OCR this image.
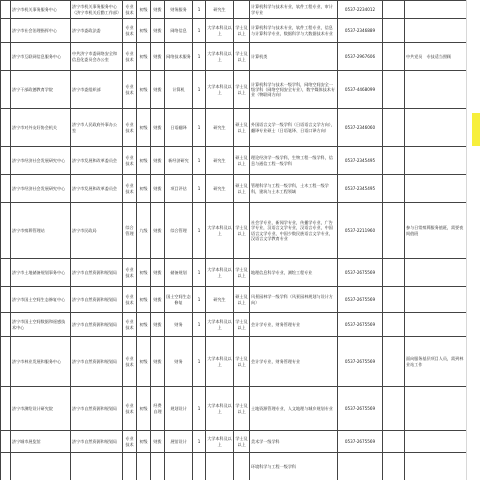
	济宁市机关事务服务中心	济宁市机关事务服务中心（济宁市机关后勤工作部）	专业技术	初级	财拨	财务服务	1	研究生		计算机科学与技术专业，软件工程专业，审计学专业	0537-2234012		
	济宁市社会治理指挥中心	济宁市委政法委	专业技术	初级	财拨	网络信息	1	大学本科及以上	学士及以上	计算机科学与技术专业，软件工程专业，信息与计算科学专业，数据科学与大数据技术专业	0537-2346889		
	济宁市互联网信息服务中心	中共济宁市委网络安全和信息化委员会办公室	专业技术	初级	财拨	网络技术服务	1	大学本科及以上	学士及以上	计算机类	0537-2967606		中共党员　专技适当照顾
	济宁干部政德教育学院	济宁市委组织部	专业技术	初级	财拨	计算机	1	大学本科及以上	学士及以上	计算机科学与技术一级学科，网络空间安全一级学科（网络空间安全专业），数字媒体技术专业（物联网方向）	0537-4468099		
	济宁市对外友好协会机关	济宁市人民政府外事办公室	专业技术	初级	财拨	日语翻译	1	研究生	硕士及以上	外国语言文学一级学科（日语语言文学方向），翻译专业硕士（日语笔译、日语口译方向）	0537-2346060		
	济宁市经济社会发展研究中心	济宁市发展和改革委员会	专业技术	初级	财拨	新经济研究	1	研究生	硕士及以上	理论经济学一级学科，生物工程一级学科，信息与通信工程一级学科	0537-2345495		
	济宁市经济社会发展研究中心	济宁市发展和改革委员会	专业技术	初级	财拨	项目评估	1	研究生	硕士及以上	管理科学与工程一级学科，土木工程一级学科，建筑与土木工程领域	0537-2345495		
	济宁市殡葬管理站	济宁市民政局	综合管理	九级	财拨	综合管理	1	大学本科及以上	学士及以上	社会学专业，新闻学专业，传播学专业，广告学专业，汉语言文学专业，汉语言专业，中国语言文学专业，中国少数民族语言文学专业，汉语言文学教育专业	0537-2211960		参与日常殡葬服务值班，需要夜间值班
	济宁市土地储备规划事务中心	济宁市自然资源和规划局	专业技术	初级	财拨	储备规划	1	大学本科及以上	学士及以上	地理信息科学专业，测绘工程专业	0537-2675569		
	济宁市国土空间生态修复中心	济宁市自然资源和规划局	专业技术	初级	财拨	国土空间生态修复	1	研究生	硕士及以上	风景园林学一级学科（风景园林规划与设计方向）	0537-2675569		
	济宁市国土空间数据和遥感技术中心	济宁市自然资源和规划局	专业技术	初级	财拨	财务	1	大学本科及以上	学士及以上	会计学专业，财务管理专业	0537-2675569		
	济宁市林业发展和服务中心	济宁市自然资源和规划局	专业技术	初级	财拨	财务	1	大学本科及以上	学士及以上	会计学专业，财务管理专业	0537-2675569		面向服务基层项目人员，需到林业站工作
	济宁市测绘设计研究院	济宁市自然资源和规划局	专业技术	初级	经费自理	规划设计	1	大学本科及以上	学士及以上	土地资源管理专业，人文地理与城乡规划专业	0537-2675569		
	济宁城市展览馆	济宁市自然资源和规划局	专业技术	初级	财拨	展馆设计	1	大学本科及以上	学士及以上	美术学一级学科	0537-2675569		
										环境科学与工程一级学科			
